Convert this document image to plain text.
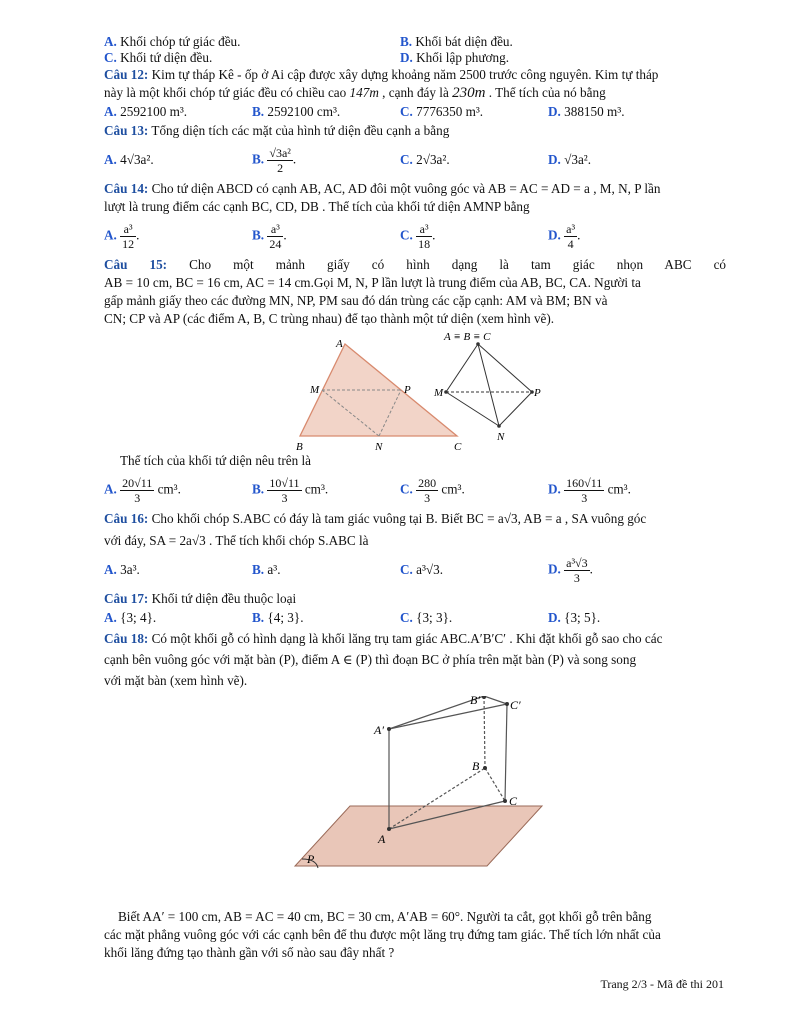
A. Khối chóp tứ giác đều.	B. Khối bát diện đều.
C. Khối tứ diện đều.	D. Khối lập phương.
Câu 12: Kim tự tháp Kê - ốp ở Ai cập được xây dựng khoảng năm 2500 trước công nguyên. Kim tự tháp
này là một khối chóp tứ giác đều có chiều cao 147m , cạnh đáy là 230m . Thể tích của nó bằng
A. 2592100 m³.	B. 2592100 cm³.	C. 7776350 m³.	D. 388150 m³.
Câu 13: Tổng diện tích các mặt của hình tứ diện đều cạnh a bằng
A. 4√3a².	B. $\frac{\text{√3a²}}{2}$ .	C. 2√3a².	D. √3a².
Câu 14: Cho tứ diện ABCD có cạnh AB, AC, AD đôi một vuông góc và AB = AC = AD = a , M, N, P lần
lượt là trung điểm các cạnh BC, CD, DB . Thể tích của khối tứ diện AMNP bằng
A. $\frac{\text{a³}}{12}$ .	B. $\frac{\text{a³}}{24}$ .	C. $\frac{\text{a³}}{18}$ .	D. $\frac{\text{a³}}{4}$ .
Câu 15: Cho một mảnh giấy có hình dạng là tam giác nhọn ABC có
AB = 10 cm, BC = 16 cm, AC = 14 cm.Gọi M, N, P lần lượt là trung điểm của AB, BC, CA. Người ta
gấp mảnh giấy theo các đường MN, NP, PM sau đó dán trùng các cặp cạnh: AM và BM; BN và
CN; CP và AP (các điểm A, B, C trùng nhau) để tạo thành một tứ diện (xem hình vẽ).
A
M	P
B	N	C
A ≡ B ≡ C
M	P
N
Thể tích của khối tứ diện nêu trên là
A. $\frac{20√11}{3} cm^3$.	B. $\frac{10√11}{3} cm^3$.	C. $\frac{280}{3} cm^3$.	D. $\frac{160√11}{3} cm^3$.
Câu 16: Cho khối chóp S.ABC có đáy là tam giác vuông tại B. Biết BC = a√3, AB = a , SA vuông góc
với đáy, SA = 2a√3 . Thể tích khối chóp S.ABC là
A. 3a³.	B. a³.	C. a³√3.	D. $\frac{\text{a³√3}}{3}$ .
Câu 17: Khối tứ diện đều thuộc loại
A. {3; 4}.	B. {4; 3}.	C. {3; 3}.	D. {3; 5}.
Câu 18: Có một khối gỗ có hình dạng là khối lăng trụ tam giác ABC.A′B′C′ . Khi đặt khối gỗ sao cho các
cạnh bên vuông góc với mặt bàn (P), điểm A ∈ (P) thì đoạn BC ở phía trên mặt bàn (P) và song song
với mặt bàn (xem hình vẽ).
A
A′
B
B′
C
C′
P
Biết AA′ = 100 cm, AB = AC = 40 cm, BC = 30 cm, A′AB = 60°. Người ta cắt, gọt khối gỗ trên bằng
các mặt phẳng vuông góc với các cạnh bên để thu được một lăng trụ đứng tam giác. Thể tích lớn nhất của
khối lăng đứng tạo thành gần với số nào sau đây nhất ?
Trang 2/3 - Mã đề thi 201
